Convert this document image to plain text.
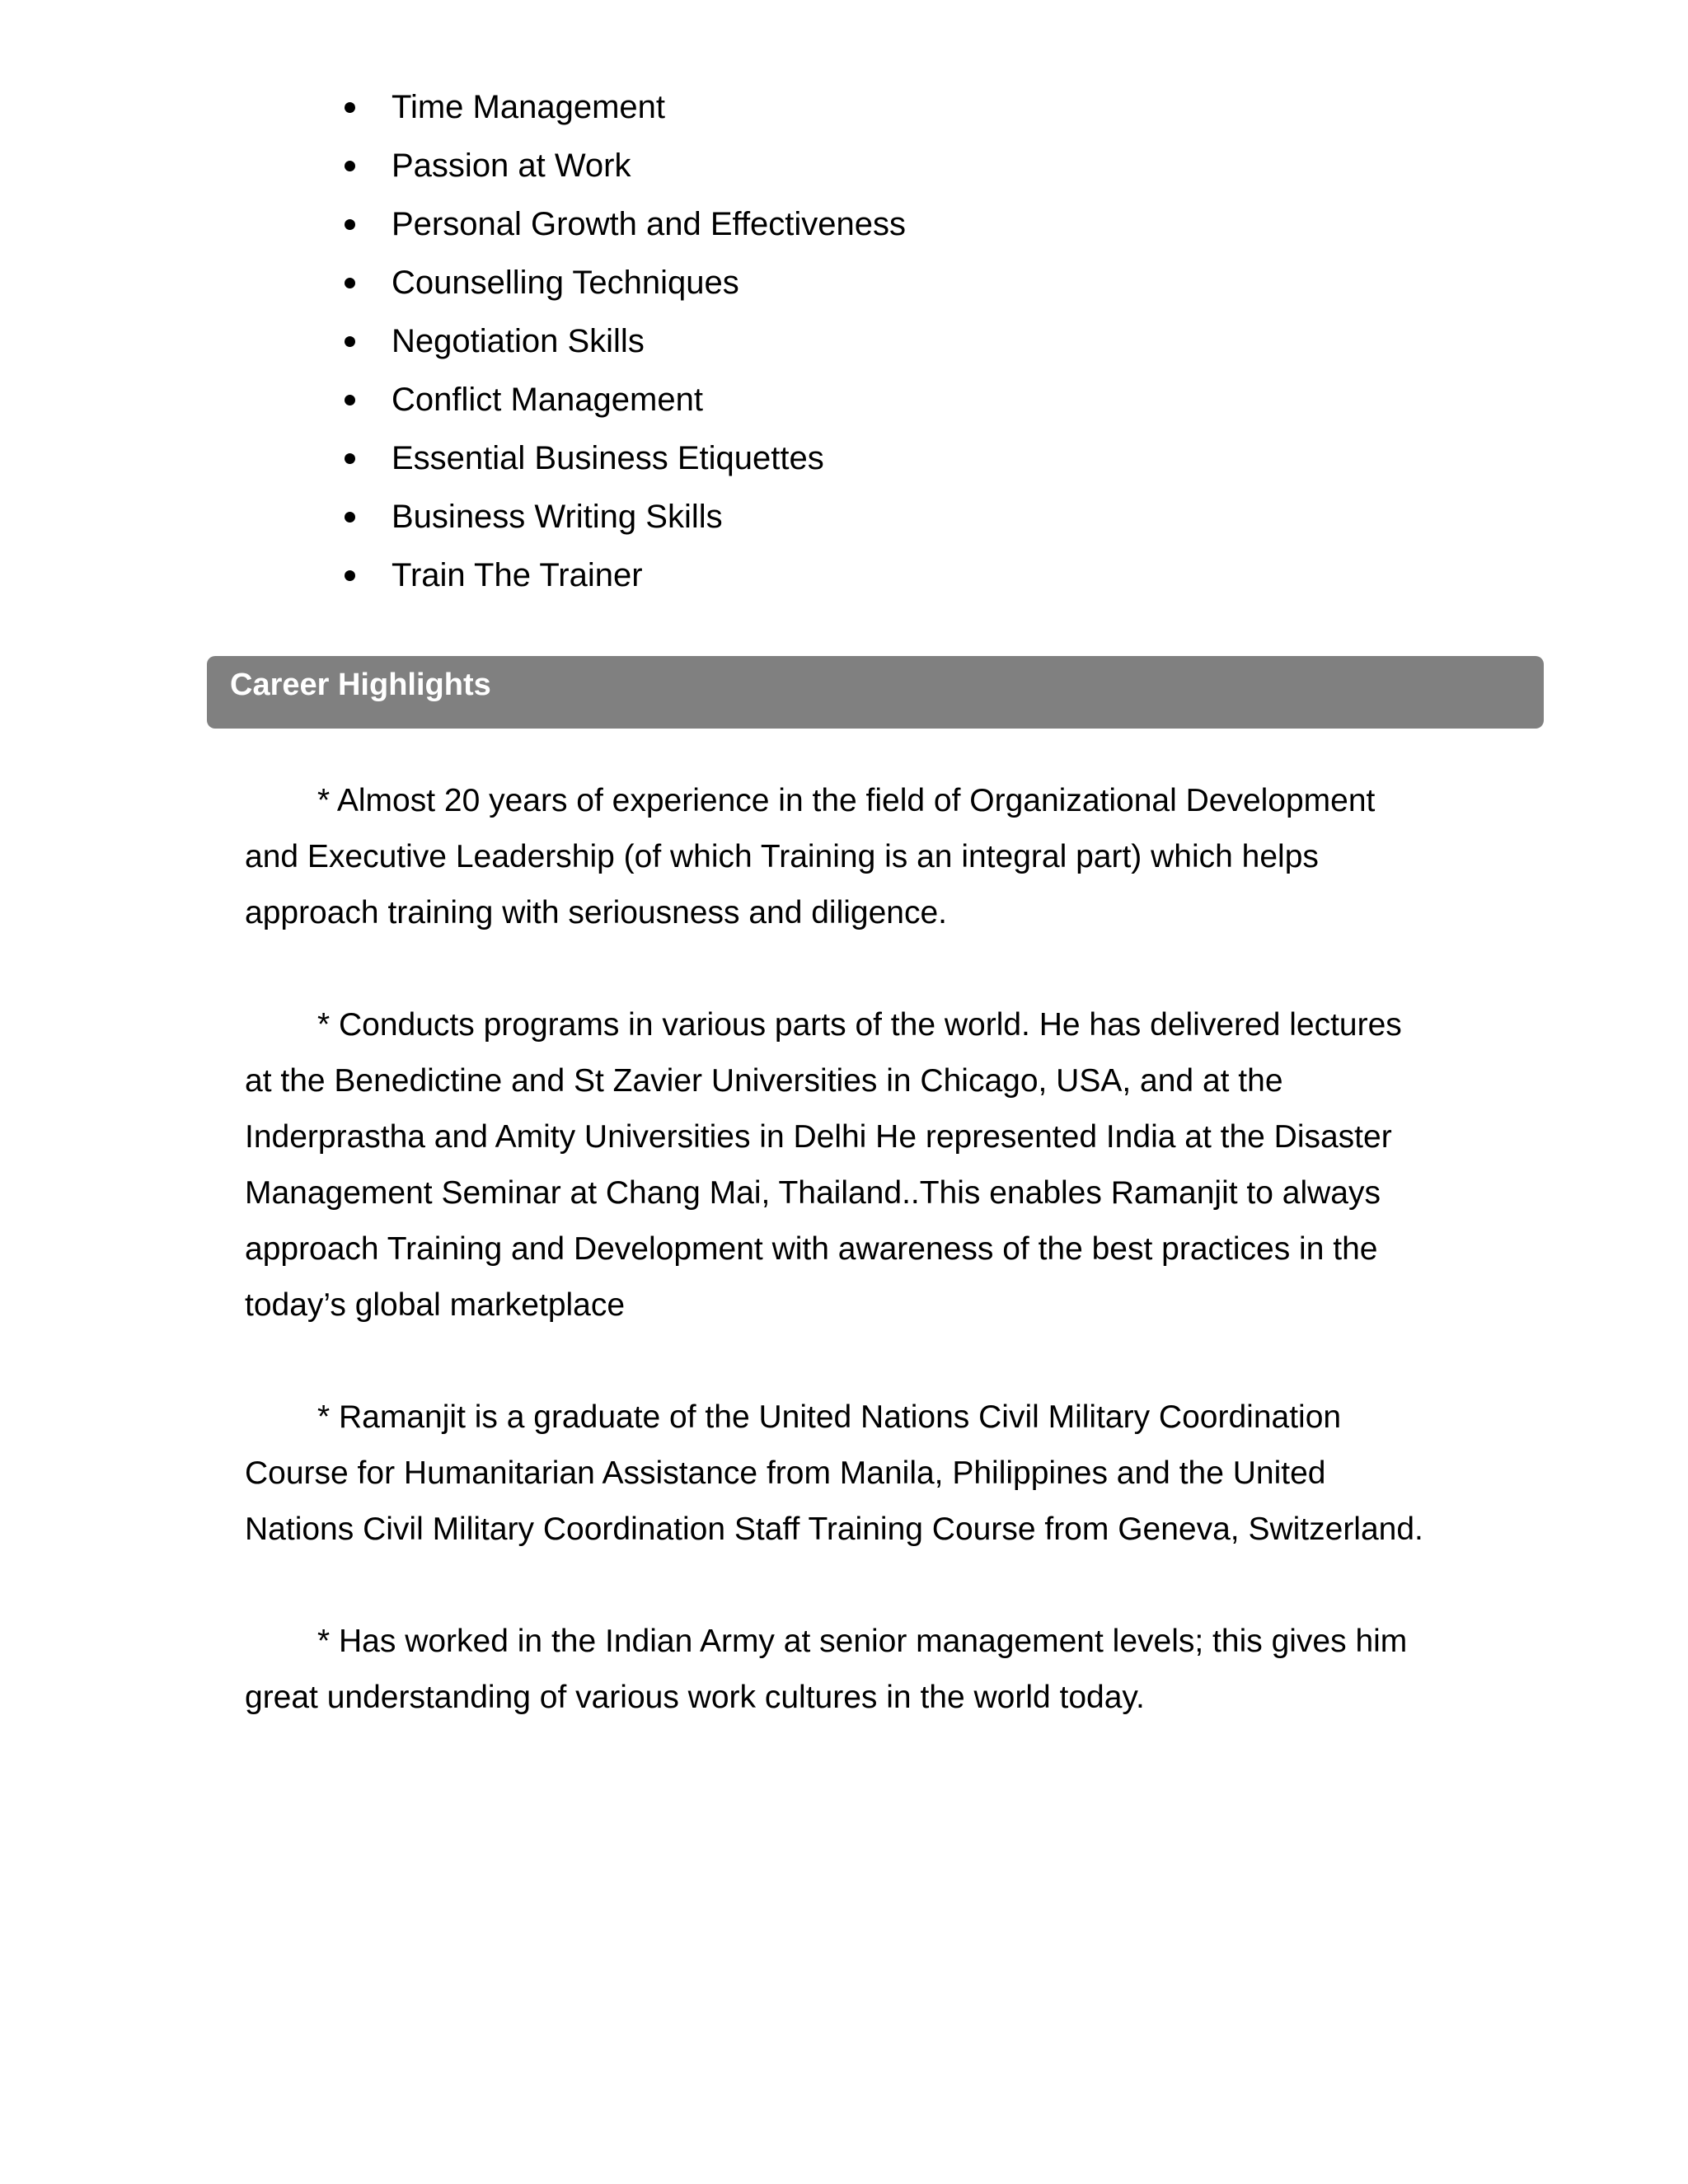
Time Management
Passion at Work
Personal Growth and Effectiveness
Counselling Techniques
Negotiation Skills
Conflict Management
Essential Business Etiquettes
Business Writing Skills
Train The Trainer
Career Highlights

* Almost 20 years of experience in the field of Organizational Development and Executive Leadership (of which Training is an integral part) which helps approach training with seriousness and diligence.

* Conducts programs in various parts of the world. He has delivered lectures at the Benedictine and St Zavier Universities in Chicago, USA, and at the Inderprastha and Amity Universities in Delhi He represented India at the Disaster Management Seminar at Chang Mai, Thailand..This enables Ramanjit to always approach Training and Development with awareness of the best practices in the today’s global marketplace

* Ramanjit is a graduate of the United Nations Civil Military Coordination Course for Humanitarian Assistance from Manila, Philippines and the United Nations Civil Military Coordination Staff Training Course from Geneva, Switzerland.

* Has worked in the Indian Army at senior management levels; this gives him great understanding of various work cultures in the world today.
